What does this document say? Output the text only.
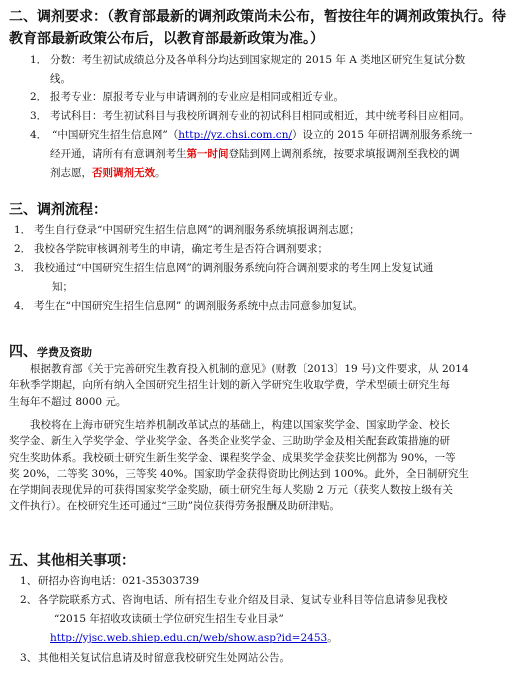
二、调剂要求：（教育部最新的调剂政策尚未公布，暂按往年的调剂政策执行。待
教育部最新政策公布后，以教育部最新政策为准。）
1． 分数：考生初试成绩总分及各单科分均达到国家规定的 2015 年 A 类地区研究生复试分数
线。
2． 报考专业：原报考专业与申请调剂的专业应是相同或相近专业。
3． 考试科目：考生初试科目与我校所调剂专业的初试科目相同或相近，其中统考科目应相同。
4． “中国研究生招生信息网”（http://yz.chsi.com.cn/）设立的 2015 年研招调剂服务系统一
经开通，请所有有意调剂考生第一时间登陆到网上调剂系统，按要求填报调剂至我校的调
剂志愿，否则调剂无效。
三、调剂流程：
1． 考生自行登录“中国研究生招生信息网”的调剂服务系统填报调剂志愿；
2． 我校各学院审核调剂考生的申请，确定考生是否符合调剂要求；
3． 我校通过“中国研究生招生信息网”的调剂服务系统向符合调剂要求的考生网上发复试通
知；
4． 考生在“中国研究生招生信息网” 的调剂服务系统中点击同意参加复试。
四、学费及资助
　　根据教育部《关于完善研究生教育投入机制的意见》(财教〔2013〕19 号)文件要求，从 2014
年秋季学期起，向所有纳入全国研究生招生计划的新入学研究生收取学费，学术型硕士研究生每
生每年不超过 8000 元。
　　我校将在上海市研究生培养机制改革试点的基础上，构建以国家奖学金、国家助学金、校长
奖学金、新生入学奖学金、学业奖学金、各类企业奖学金、三助助学金及相关配套政策措施的研
究生奖助体系。我校硕士研究生新生奖学金、课程奖学金、成果奖学金获奖比例都为 90%，一等
奖 20%，二等奖 30%，三等奖 40%。国家助学金获得资助比例达到 100%。此外，全日制研究生
在学期间表现优异的可获得国家奖学金奖励，硕士研究生每人奖励 2 万元（获奖人数按上级有关
文件执行）。在校研究生还可通过“三助”岗位获得劳务报酬及助研津贴。
五、其他相关事项：
1、 研招办咨询电话：021-35303739
2、 各学院联系方式、咨询电话、所有招生专业介绍及目录、复试专业科目等信息请参见我校
“2015 年招收攻读硕士学位研究生招生专业目录”
http://yjsc.web.shiep.edu.cn/web/show.asp?id=2453。
3、 其他相关复试信息请及时留意我校研究生处网站公告。
